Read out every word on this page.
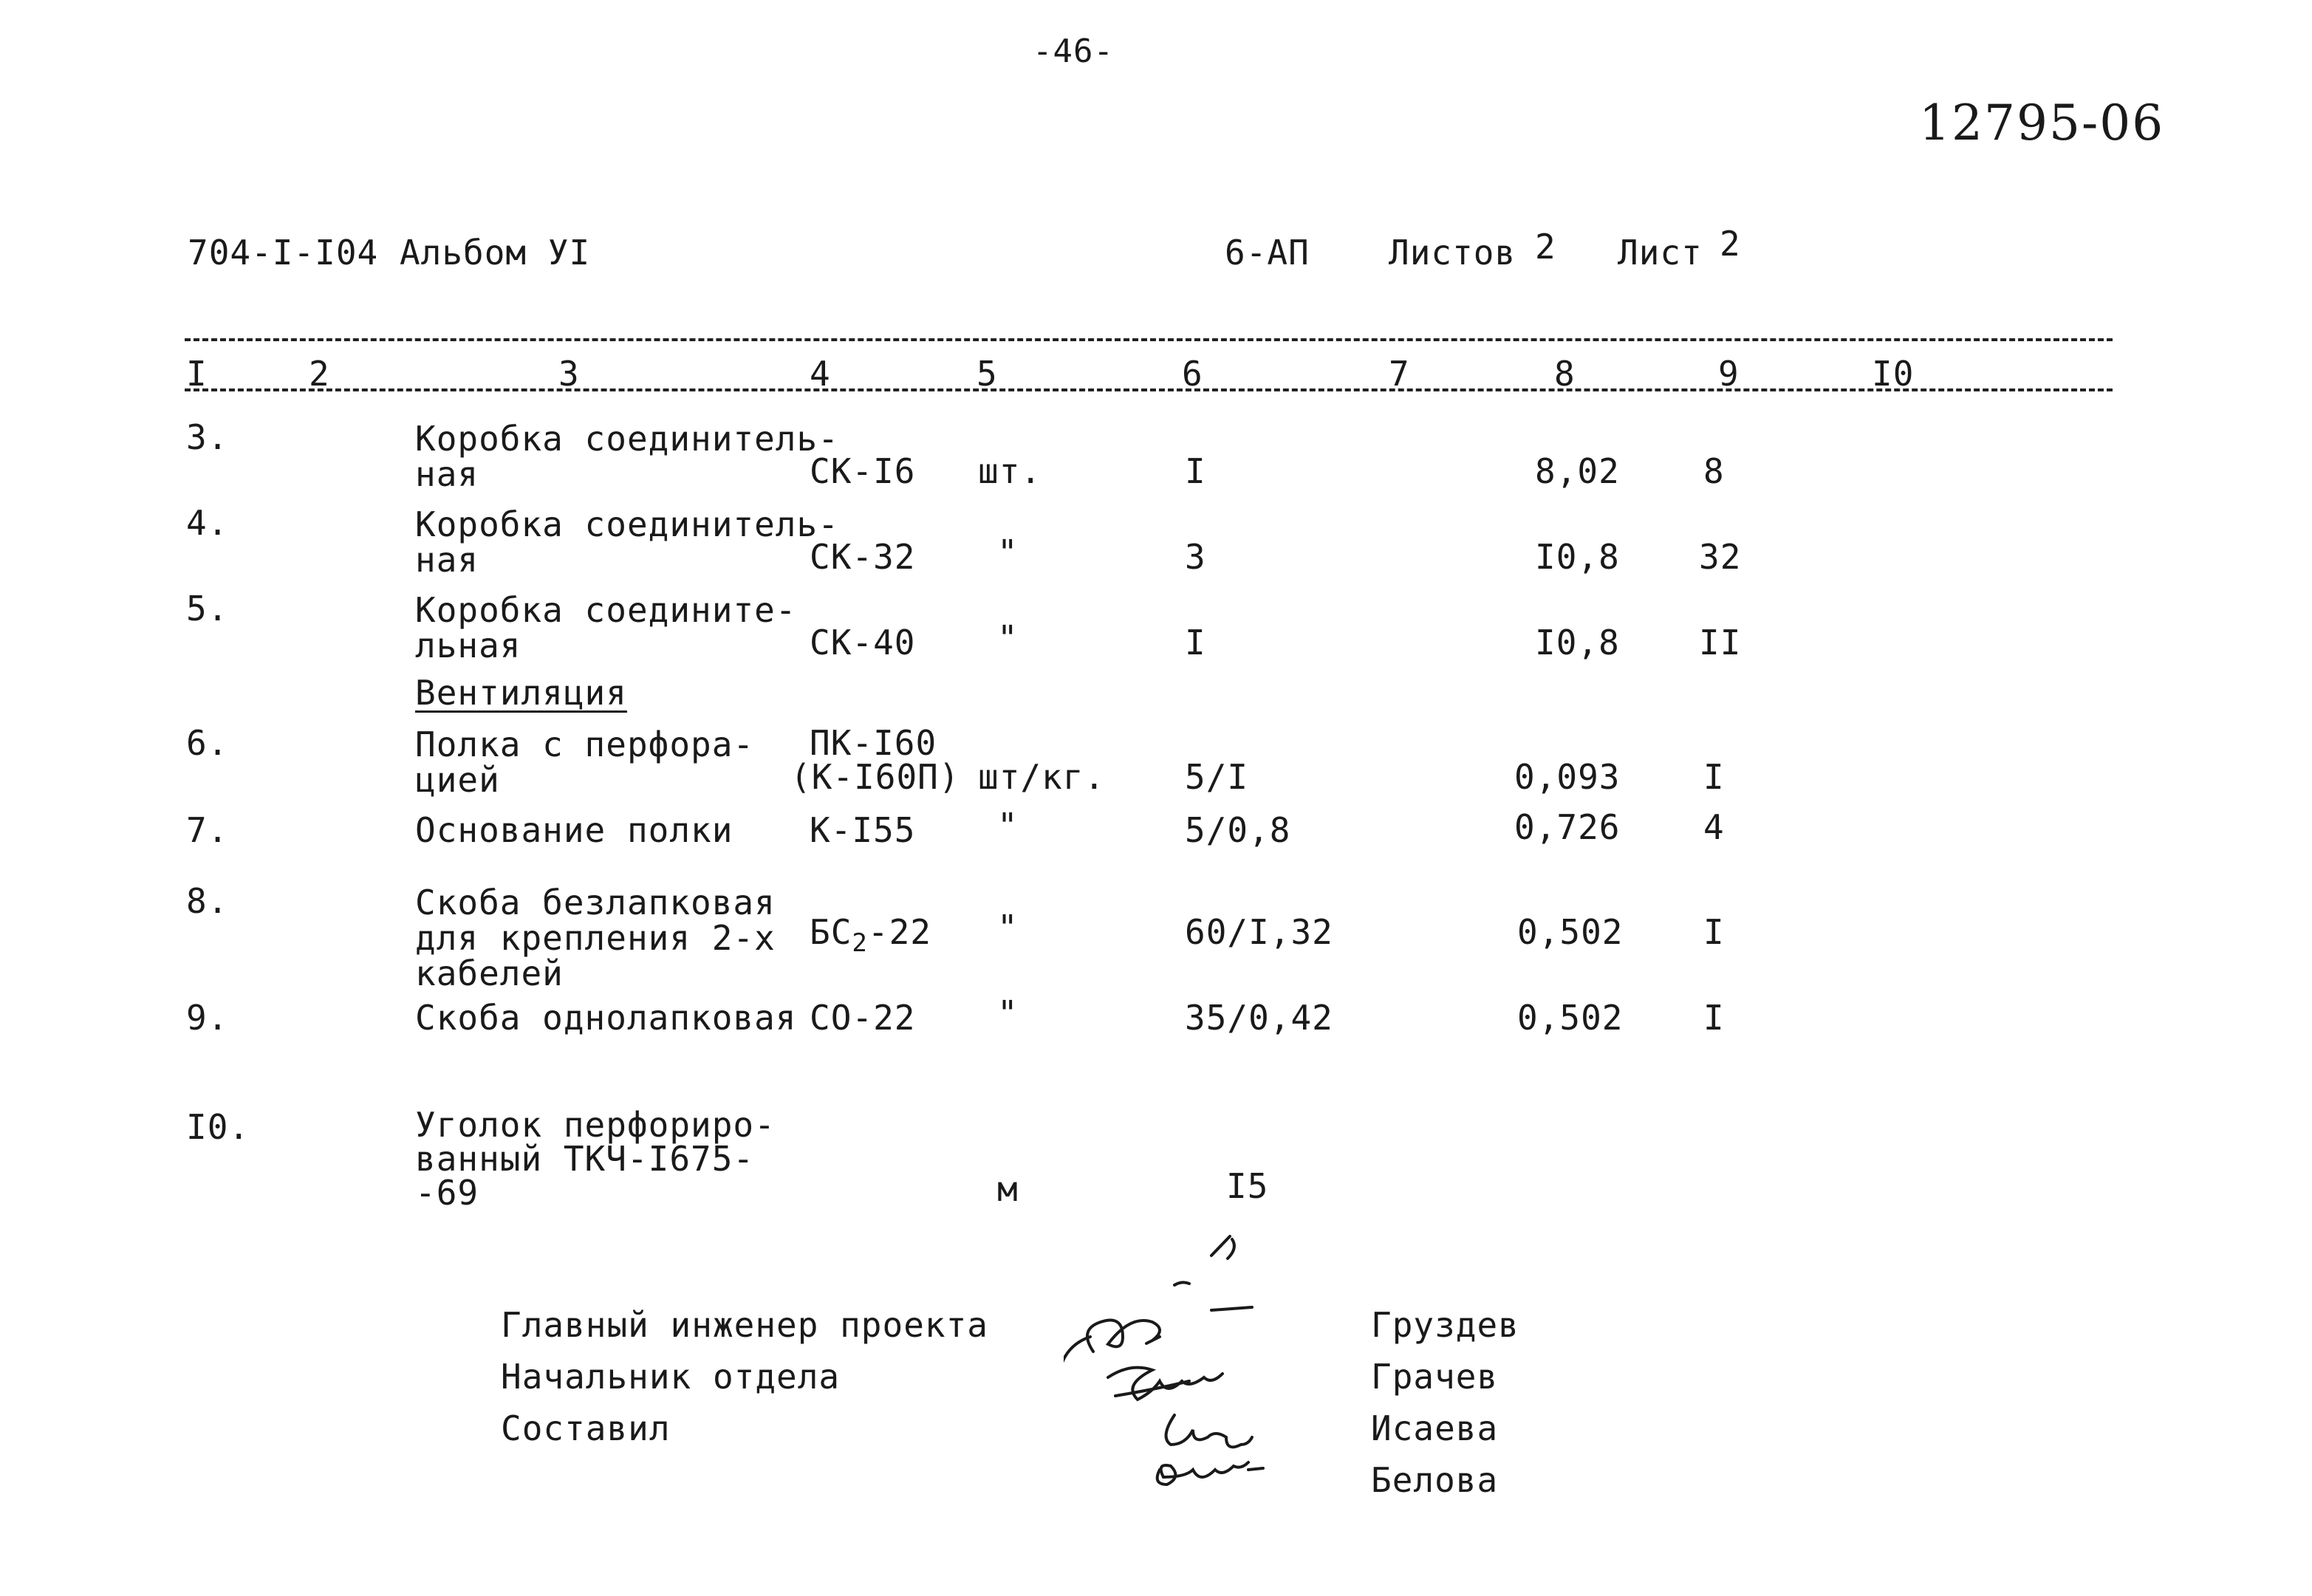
-46-
12795-06
704-I-I04 Альбом УI	6-АП Листов 2 Лист 2
I	2	3	4	5	6	7	8	9	I0
3.	Коробка соединитель-
ная	СК-I6 шт.	I	8,02 8
4.	Коробка соединитель-
ная	СК-32 "	3	I0,8 32
5.	Коробка соедините-
льная	СК-40 "	I	I0,8 II
Вентиляция
6.	Полка с перфора-
цией
ПК-I60
(К-I60П) шт/кг. 5/I	0,093 I
7.	Основание полки К-I55 "	5/0,8	0,726 4
8.	Скоба безлапковая
для крепления 2-х
кабелей
$БС_2-22$ "	60/I,32	0,502 I
9.	Скоба однолапковая СО-22 "	35/0,42	0,502 I
I0.	Уголок перфориро-
ванный ТКЧ-I675-
-69	м	I5
Главный инженер проекта
Начальник отдела
Составил
Груздев
Грачев
Исаева
Белова
